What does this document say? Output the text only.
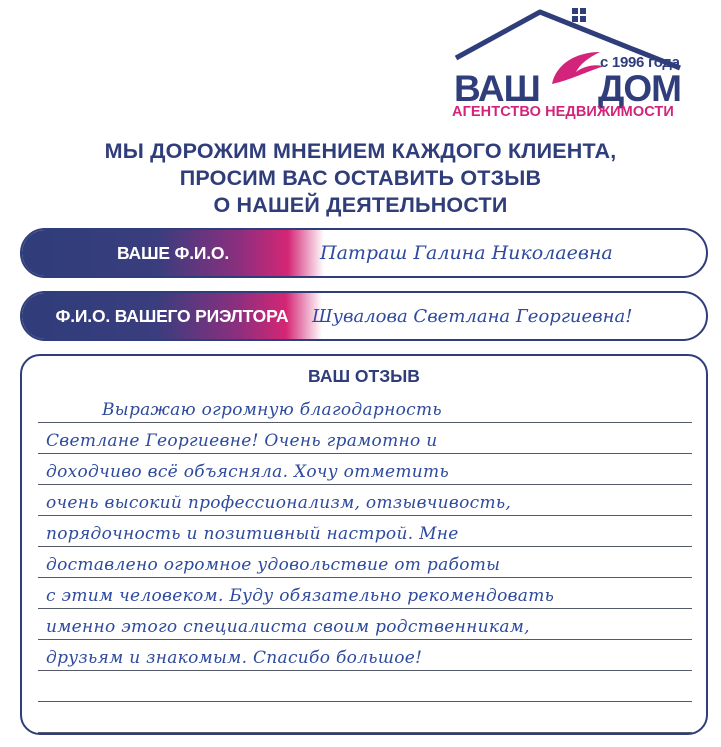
с 1996 года
ВАШ ДОМ
АГЕНТСТВО НЕДВИЖИМОСТИ
МЫ ДОРОЖИМ МНЕНИЕМ КАЖДОГО КЛИЕНТА,
ПРОСИМ ВАС ОСТАВИТЬ ОТЗЫВ
О НАШЕЙ ДЕЯТЕЛЬНОСТИ
ВАШЕ Ф.И.О.	Патраш Галина Николаевна
Ф.И.О. ВАШЕГО РИЭЛТОРА	Шувалова Светлана Георгиевна!
ВАШ ОТЗЫВ
Выражаю огромную благодарность
Светлане Георгиевне! Очень грамотно и
доходчиво всё объясняла. Хочу отметить
очень высокий профессионализм, отзывчивость,
порядочность и позитивный настрой. Мне
доставлено огромное удовольствие от работы
с этим человеком. Буду обязательно рекомендовать
именно этого специалиста своим родственникам,
друзьям и знакомым. Спасибо большое!
